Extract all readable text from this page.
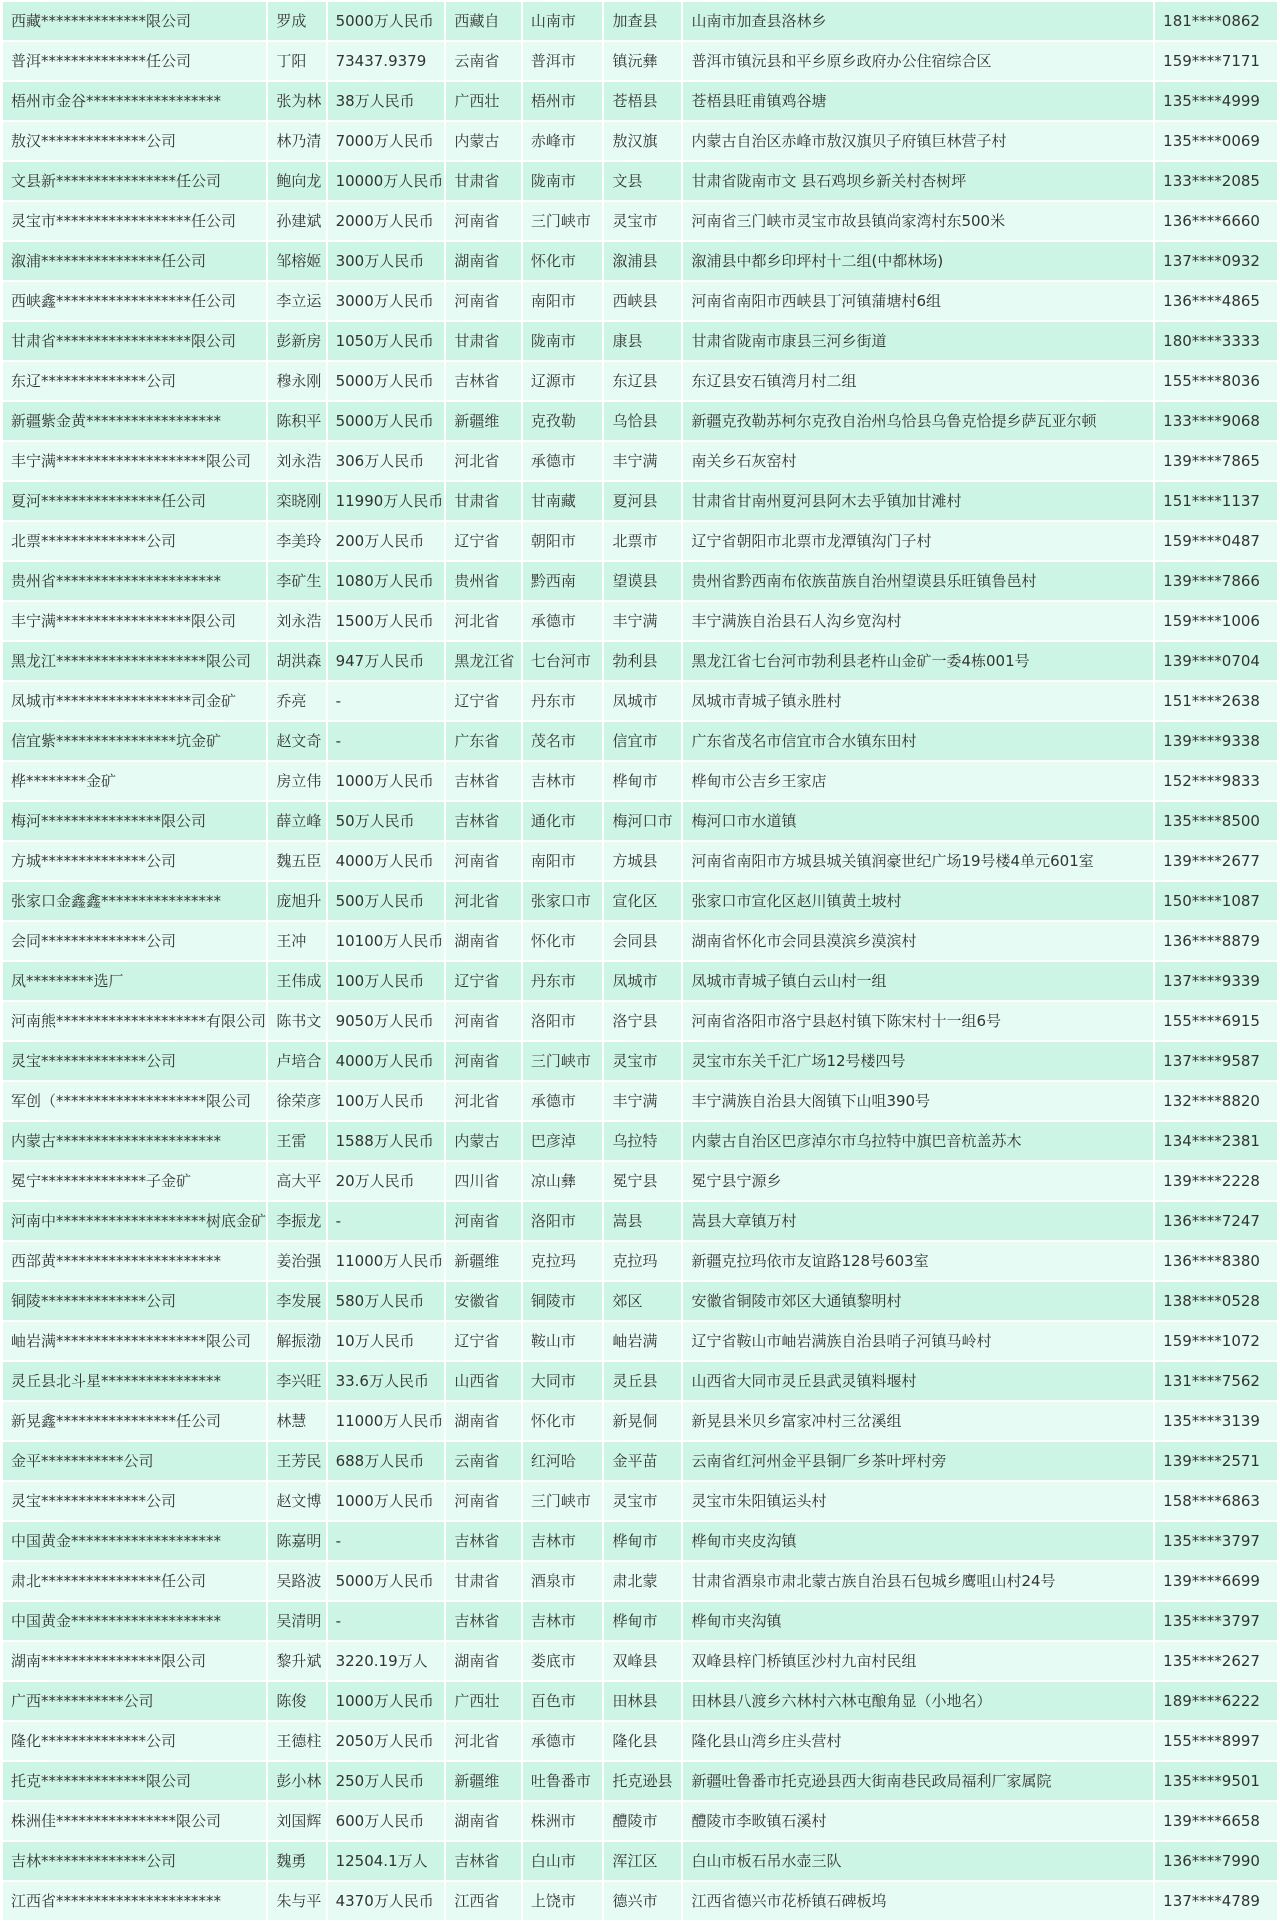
西藏**************限公司	罗成	5000万人民币	西藏自	山南市	加查县	山南市加查县洛林乡	181****0862
普洱**************任公司	丁阳	73437.9379	云南省	普洱市	镇沅彝	普洱市镇沅县和平乡原乡政府办公住宿综合区	159****7171
梧州市金谷******************	张为林	38万人民币	广西壮	梧州市	苍梧县	苍梧县旺甫镇鸡谷塘	135****4999
敖汉**************公司	林乃清	7000万人民币	内蒙古	赤峰市	敖汉旗	内蒙古自治区赤峰市敖汉旗贝子府镇巨林营子村	135****0069
文县新****************任公司	鲍向龙	10000万人民币	甘肃省	陇南市	文县	甘肃省陇南市文 县石鸡坝乡新关村杏树坪	133****2085
灵宝市******************任公司	孙建斌	2000万人民币	河南省	三门峡市	灵宝市	河南省三门峡市灵宝市故县镇尚家湾村东500米	136****6660
溆浦****************任公司	邹榕姬	300万人民币	湖南省	怀化市	溆浦县	溆浦县中都乡印坪村十二组(中都林场)	137****0932
西峡鑫******************任公司	李立运	3000万人民币	河南省	南阳市	西峡县	河南省南阳市西峡县丁河镇蒲塘村6组	136****4865
甘肃省******************限公司	彭新房	1050万人民币	甘肃省	陇南市	康县	甘肃省陇南市康县三河乡街道	180****3333
东辽**************公司	穆永刚	5000万人民币	吉林省	辽源市	东辽县	东辽县安石镇湾月村二组	155****8036
新疆紫金黄******************	陈积平	5000万人民币	新疆维	克孜勒	乌恰县	新疆克孜勒苏柯尔克孜自治州乌恰县乌鲁克恰提乡萨瓦亚尔顿	133****9068
丰宁满********************限公司	刘永浩	306万人民币	河北省	承德市	丰宁满	南关乡石灰窑村	139****7865
夏河****************任公司	栾晓刚	11990万人民币	甘肃省	甘南藏	夏河县	甘肃省甘南州夏河县阿木去乎镇加甘滩村	151****1137
北票**************公司	李美玲	200万人民币	辽宁省	朝阳市	北票市	辽宁省朝阳市北票市龙潭镇沟门子村	159****0487
贵州省**********************	李矿生	1080万人民币	贵州省	黔西南	望谟县	贵州省黔西南布依族苗族自治州望谟县乐旺镇鲁邑村	139****7866
丰宁满******************限公司	刘永浩	1500万人民币	河北省	承德市	丰宁满	丰宁满族自治县石人沟乡宽沟村	159****1006
黑龙江********************限公司	胡洪森	947万人民币	黑龙江省	七台河市	勃利县	黑龙江省七台河市勃利县老杵山金矿一委4栋001号	139****0704
凤城市******************司金矿	乔亮	-	辽宁省	丹东市	凤城市	凤城市青城子镇永胜村	151****2638
信宜紫****************坑金矿	赵文奇	-	广东省	茂名市	信宜市	广东省茂名市信宜市合水镇东田村	139****9338
桦********金矿	房立伟	1000万人民币	吉林省	吉林市	桦甸市	桦甸市公吉乡王家店	152****9833
梅河****************限公司	薛立峰	50万人民币	吉林省	通化市	梅河口市	梅河口市水道镇	135****8500
方城**************公司	魏五臣	4000万人民币	河南省	南阳市	方城县	河南省南阳市方城县城关镇润豪世纪广场19号楼4单元601室	139****2677
张家口金鑫鑫****************	庞旭升	500万人民币	河北省	张家口市	宣化区	张家口市宣化区赵川镇黄土坡村	150****1087
会同**************公司	王冲	10100万人民币	湖南省	怀化市	会同县	湖南省怀化市会同县漠滨乡漠滨村	136****8879
凤*********选厂	王伟成	100万人民币	辽宁省	丹东市	凤城市	凤城市青城子镇白云山村一组	137****9339
河南熊********************有限公司	陈书文	9050万人民币	河南省	洛阳市	洛宁县	河南省洛阳市洛宁县赵村镇下陈宋村十一组6号	155****6915
灵宝**************公司	卢培合	4000万人民币	河南省	三门峡市	灵宝市	灵宝市东关千汇广场12号楼四号	137****9587
军创（********************限公司	徐荣彦	100万人民币	河北省	承德市	丰宁满	丰宁满族自治县大阁镇下山咀390号	132****8820
内蒙古**********************	王雷	1588万人民币	内蒙古	巴彦淖	乌拉特	内蒙古自治区巴彦淖尔市乌拉特中旗巴音杭盖苏木	134****2381
冕宁**************子金矿	高大平	20万人民币	四川省	凉山彝	冕宁县	冕宁县宁源乡	139****2228
河南中********************树底金矿	李振龙	-	河南省	洛阳市	嵩县	嵩县大章镇万村	136****7247
西部黄**********************	姜治强	11000万人民币	新疆维	克拉玛	克拉玛	新疆克拉玛依市友谊路128号603室	136****8380
铜陵**************公司	李发展	580万人民币	安徽省	铜陵市	郊区	安徽省铜陵市郊区大通镇黎明村	138****0528
岫岩满********************限公司	解振渤	10万人民币	辽宁省	鞍山市	岫岩满	辽宁省鞍山市岫岩满族自治县哨子河镇马岭村	159****1072
灵丘县北斗星****************	李兴旺	33.6万人民币	山西省	大同市	灵丘县	山西省大同市灵丘县武灵镇料堰村	131****7562
新晃鑫****************任公司	林慧	11000万人民币	湖南省	怀化市	新晃侗	新晃县米贝乡富家冲村三岔溪组	135****3139
金平***********公司	王芳民	688万人民币	云南省	红河哈	金平苗	云南省红河州金平县铜厂乡茶叶坪村旁	139****2571
灵宝**************公司	赵文博	1000万人民币	河南省	三门峡市	灵宝市	灵宝市朱阳镇运头村	158****6863
中国黄金********************	陈嘉明	-	吉林省	吉林市	桦甸市	桦甸市夹皮沟镇	135****3797
肃北****************任公司	吴路波	5000万人民币	甘肃省	酒泉市	肃北蒙	甘肃省酒泉市肃北蒙古族自治县石包城乡鹰咀山村24号	139****6699
中国黄金********************	吴清明	-	吉林省	吉林市	桦甸市	桦甸市夹沟镇	135****3797
湖南****************限公司	黎升斌	3220.19万人	湖南省	娄底市	双峰县	双峰县梓门桥镇匡沙村九亩村民组	135****2627
广西***********公司	陈俊	1000万人民币	广西壮	百色市	田林县	田林县八渡乡六林村六林屯酿角显（小地名）	189****6222
隆化**************公司	王德柱	2050万人民币	河北省	承德市	隆化县	隆化县山湾乡庄头营村	155****8997
托克**************限公司	彭小林	250万人民币	新疆维	吐鲁番市	托克逊县	新疆吐鲁番市托克逊县西大街南巷民政局福利厂家属院	135****9501
株洲佳****************限公司	刘国辉	600万人民币	湖南省	株洲市	醴陵市	醴陵市李畋镇石溪村	139****6658
吉林**************公司	魏勇	12504.1万人	吉林省	白山市	浑江区	白山市板石吊水壶三队	136****7990
江西省**********************	朱与平	4370万人民币	江西省	上饶市	德兴市	江西省德兴市花桥镇石碑板坞	137****4789
